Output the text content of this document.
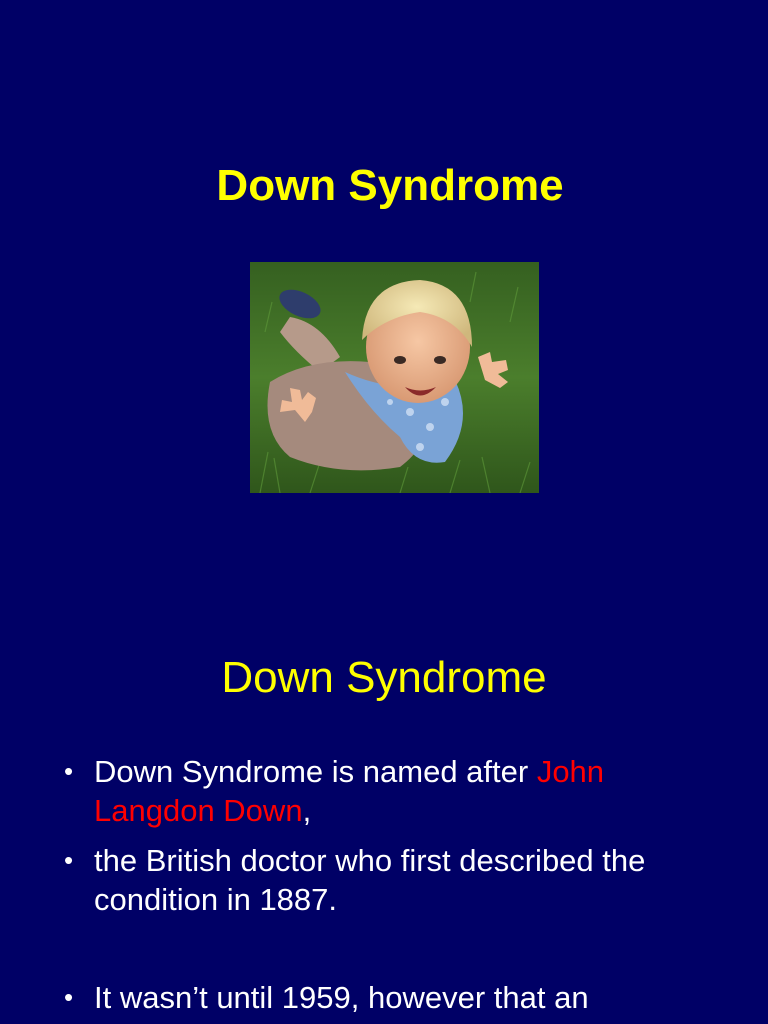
Down Syndrome
Down Syndrome
• Down Syndrome is named after John Langdon Down,
• the British doctor who first described the condition in 1887.
• It wasn’t until 1959, however that an
